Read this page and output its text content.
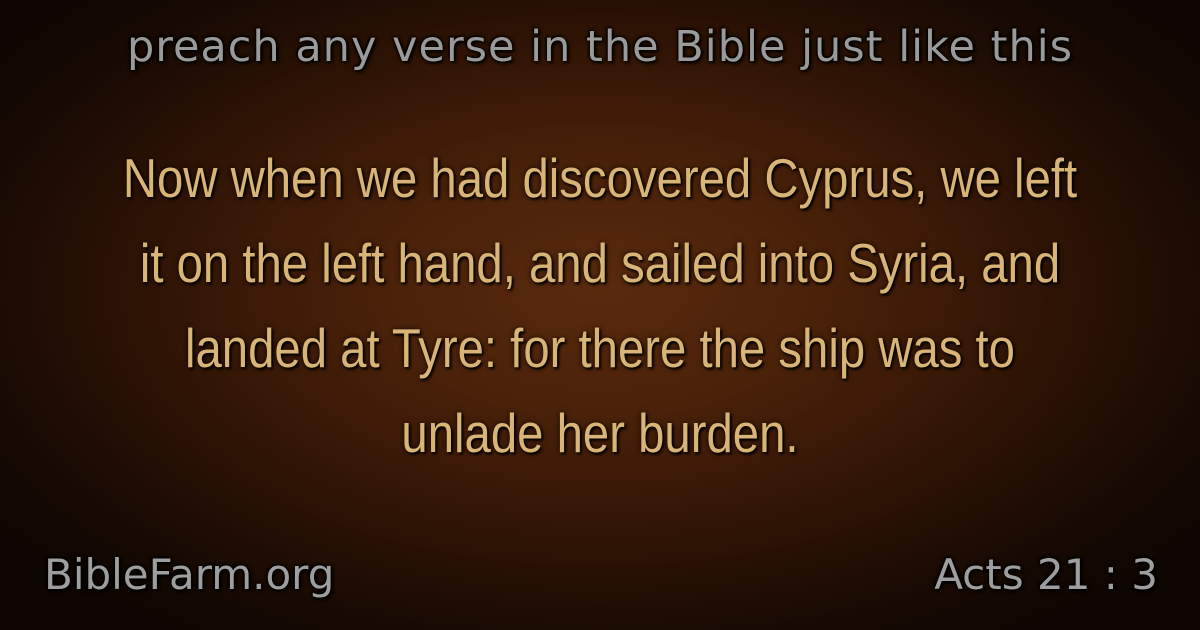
preach any verse in the Bible just like this
Now when we had discovered Cyprus, we left it on the left hand, and sailed into Syria, and landed at Tyre: for there the ship was to unlade her burden.
BibleFarm.org	Acts 21 : 3
